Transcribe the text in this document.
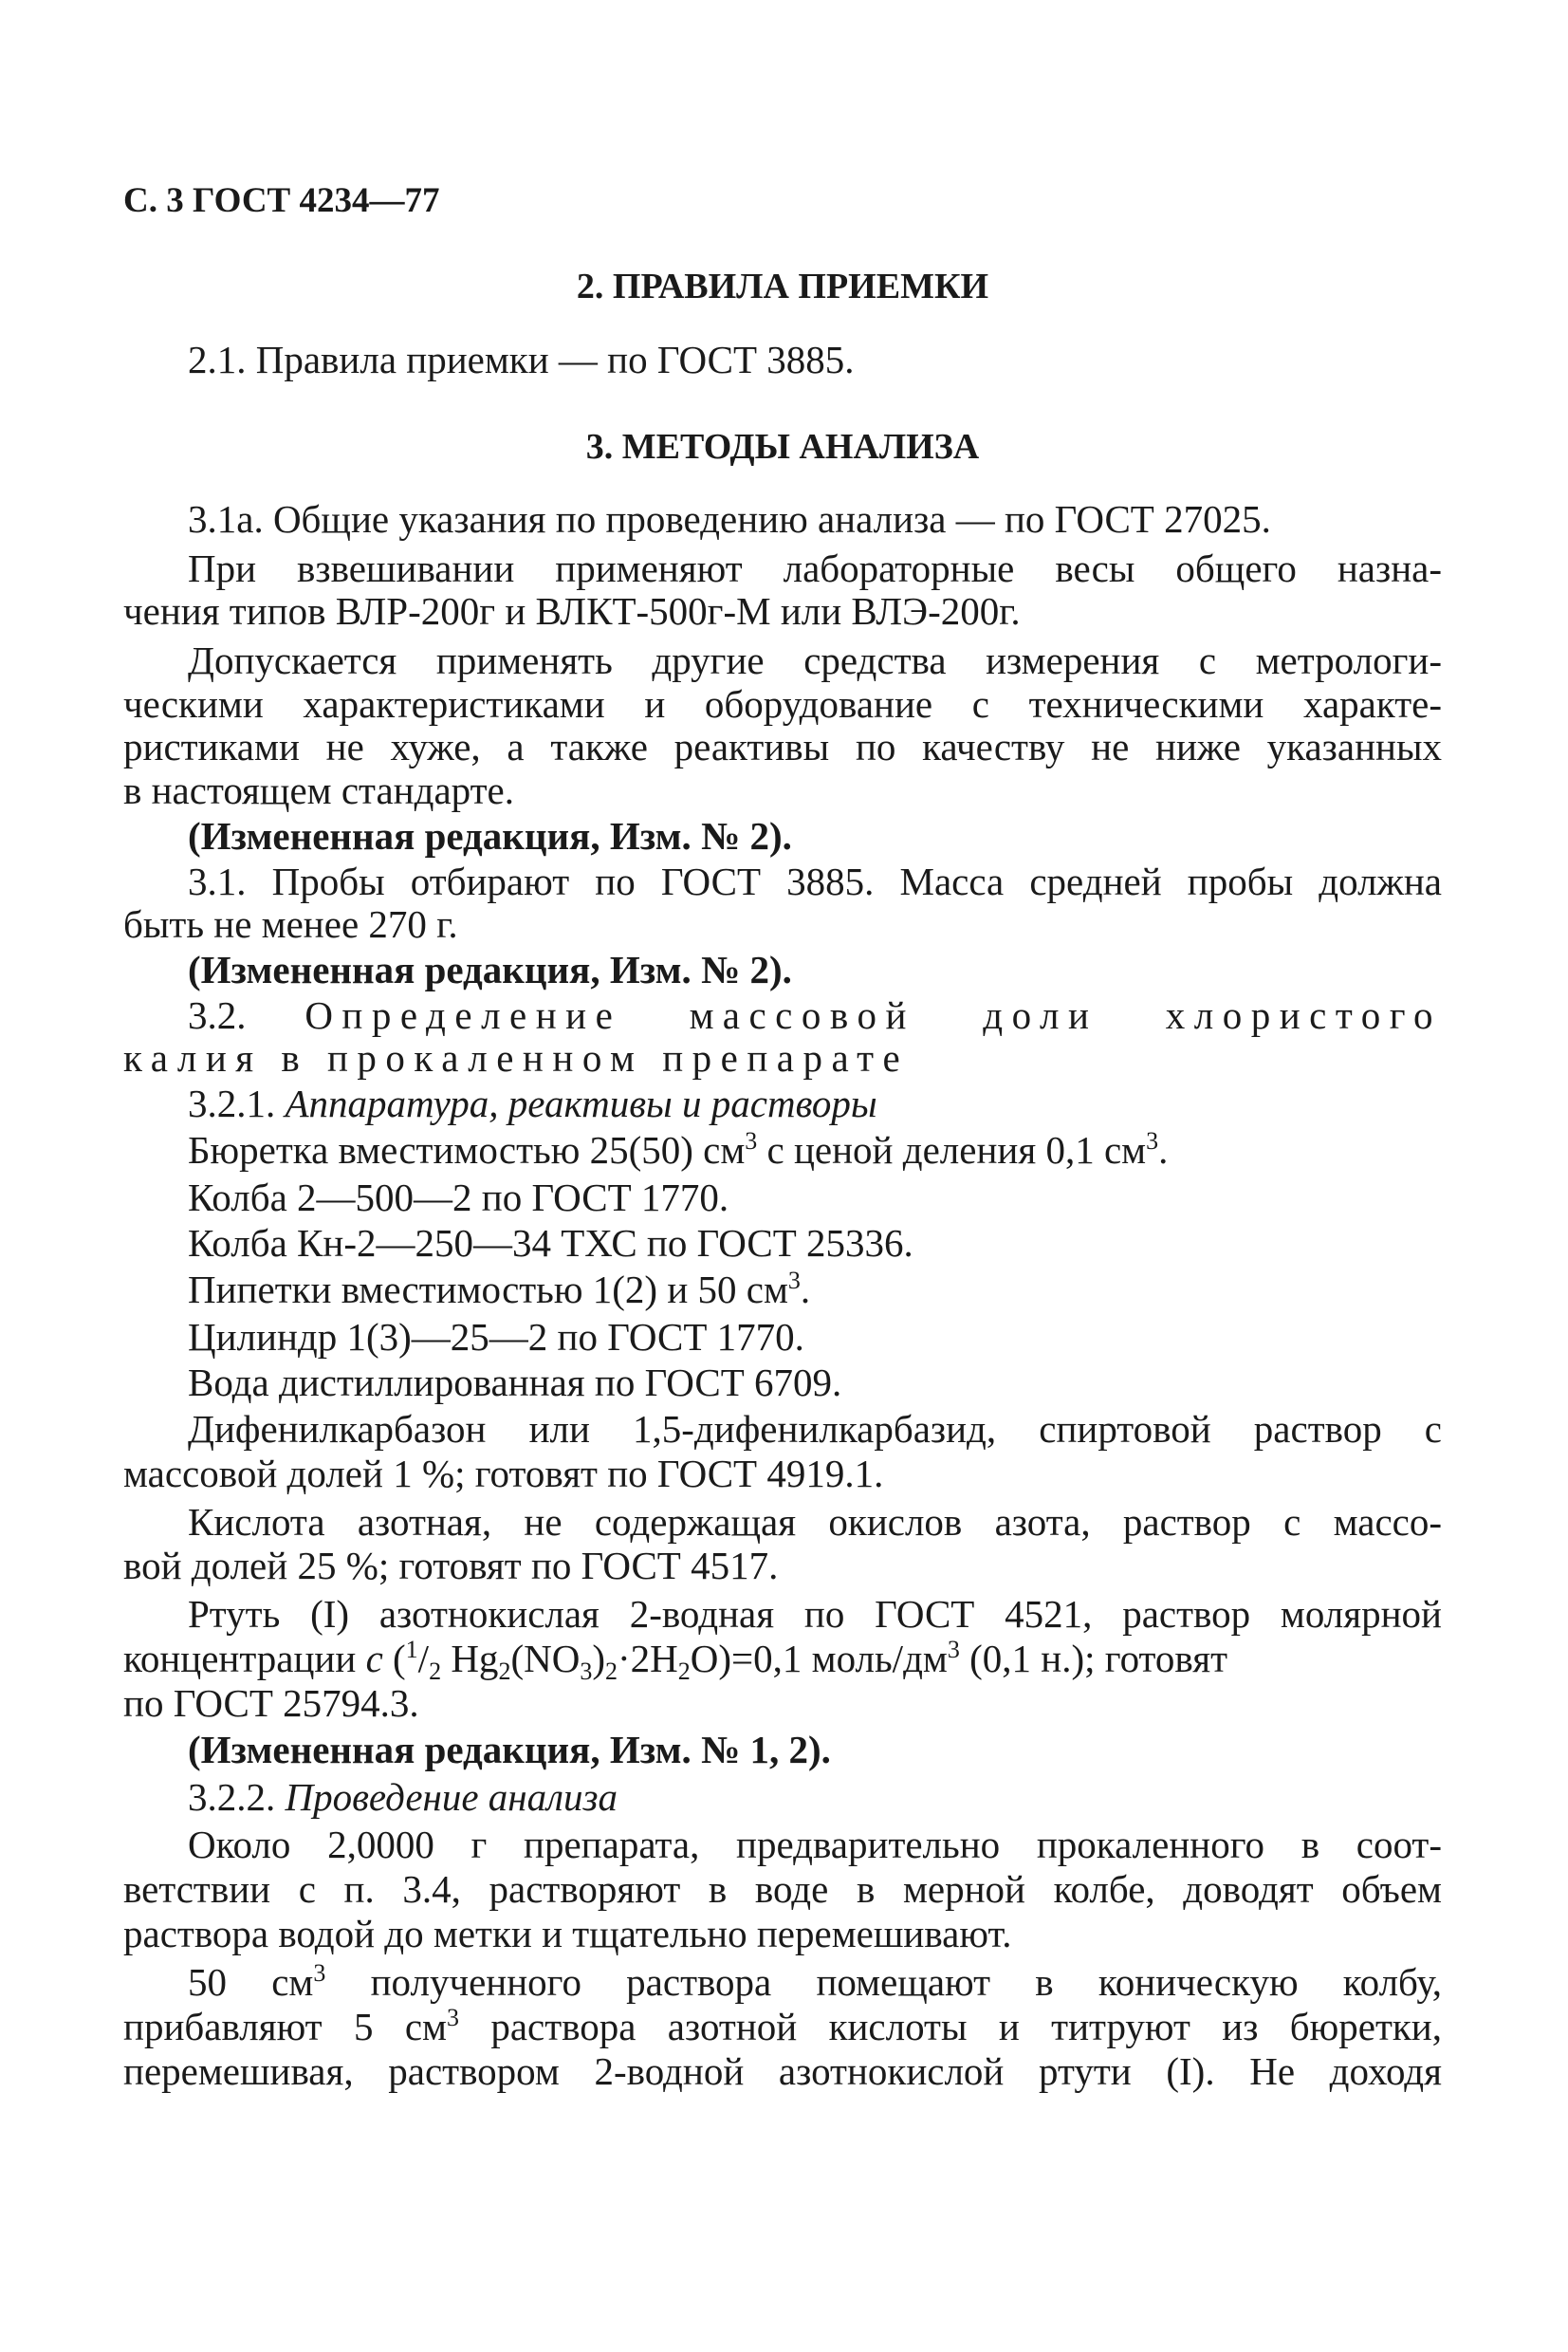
С. 3 ГОСТ 4234—77
2. ПРАВИЛА ПРИЕМКИ
2.1. Правила приемки — по ГОСТ 3885.
3. МЕТОДЫ АНАЛИЗА
3.1а. Общие указания по проведению анализа — по ГОСТ 27025.
При взвешивании применяют лабораторные весы общего назна-
чения типов ВЛР-200г и ВЛКТ-500г-М или ВЛЭ-200г.
Допускается применять другие средства измерения с метрологи-
ческими характеристиками и оборудование с техническими характе-
ристиками не хуже, а также реактивы по качеству не ниже указанных
в настоящем стандарте.
(Измененная редакция, Изм. № 2).
3.1. Пробы отбирают по ГОСТ 3885. Масса средней пробы должна
быть не менее 270 г.
(Измененная редакция, Изм. № 2).
3.2. Определение массовой доли хлористого
калия в прокаленном препарате
3.2.1. Аппаратура, реактивы и растворы
Бюретка вместимостью 25(50) $см^3$ с ценой деления 0,1 $см^3$.
Колба 2—500—2 по ГОСТ 1770.
Колба Кн-2—250—34 ТХС по ГОСТ 25336.
Пипетки вместимостью 1(2) и 50 $см^3$.
Цилиндр 1(3)—25—2 по ГОСТ 1770.
Вода дистиллированная по ГОСТ 6709.
Дифенилкарбазон или 1,5-дифенилкарбазид, спиртовой раствор с
массовой долей 1 %; готовят по ГОСТ 4919.1.
Кислота азотная, не содержащая окислов азота, раствор с массо-
вой долей 25 %; готовят по ГОСТ 4517.
Ртуть (I) азотнокислая 2-водная по ГОСТ 4521, раствор молярной
концентрации c ($^1/_2$ $Hg_2(NO_3)_2\cdot 2H_2O)=0,1$ моль/$дм^3$ (0,1 н.); готовят
по ГОСТ 25794.3.
(Измененная редакция, Изм. № 1, 2).
3.2.2. Проведение анализа
Около 2,0000 г препарата, предварительно прокаленного в соот-
ветствии с п. 3.4, растворяют в воде в мерной колбе, доводят объем
раствора водой до метки и тщательно перемешивают.
50 $см^3$ полученного раствора помещают в коническую колбу,
прибавляют 5 $см^3$ раствора азотной кислоты и титруют из бюретки,
перемешивая, раствором 2-водной азотнокислой ртути (I). Не доходя
